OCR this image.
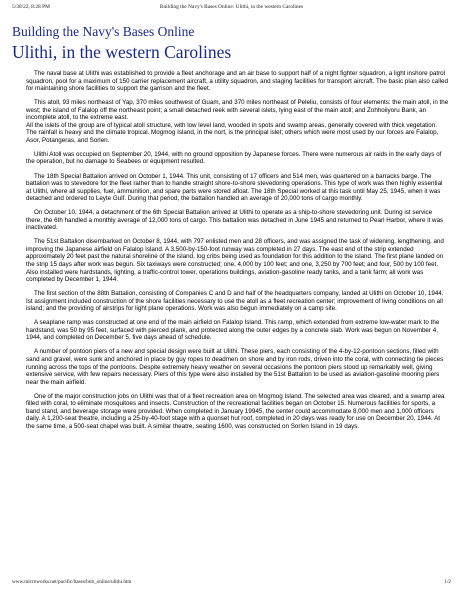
5/30/22, 8:28 PM	Building the Navy's Bases Online: Ulithi, in the western Carolines
Building the Navy's Bases Online
Ulithi, in the western Carolines

The naval base at Ulithi was established to provide a fleet anchorage and an air base to support half of a night fighter squadron, a light inshore patrol squadron, pool for a maximum of 150 carrier replacement aircraft, a utility squadron, and staging facilities for transport aircraft. The basic plan also called for maintaining shore facilities to support the garrison and the fleet.

This atoll, 93 miles northeast of Yap, 370 miles southwest of Guam, and 370 miles northeast of Peleliu, consists of four elements: the main atoll, in the west; the island of Falalop off the northeast point; a small detached reek with several islets, lying east of the main atoll; and Zohhoiiyoru Bank, an incomplete atoll, to the extreme east.
All the islets of the group are of typical atoll structure, with low level land, wooded in spots and swamp areas, generally covered with thick vegetation. The rainfall is heavy and the climate tropical. Mogmog Island, in the nort, is the principal islet; others which were most used by our forces are Falalop, Asor, Potangeras, and Sorlen.

Ulithi Atoll was occupied on September 20, 1944, with no ground opposition by Japanese forces. There were numerous air raids in the early days of the operation, but no damage to Seabees or equipment resulted.

The 18th Special Battalion arrived on October 1, 1944. This unit, consisting of 17 officers and 514 men, was quartered on a barracks barge. The battalion was to stevedore for the fleet rather than to handle straight shore-to-shore stevedoring operations. This type of work was then highly essential at Ulithi, where all supplies, fuel, ammunition, and spare parts were stored afloat. The 18th Special worked at this task until May 25, 1945, when it was detached and ordered to Leyte Gulf. During that period, the battalion handled an average of 20,000 tons of cargo monthly.

On October 10, 1944, a detachment of the 6th Special Battalion arrived at Ulithi to operate as a ship-to-shore stevedoring unit. During ist service there, the 6th handled a monthly average of 12,000 tons of cargo. This battalion was detached in June 1945 and returned to Pearl Harbor, where it was inactivated.

The 51st Battalion disembarked on October 8, 1944, with 797 enlisted men and 28 officers, and was assigned the task of widening, lengthening, and improving the Japanese airfield on Falalop Island. A 3,500-by-150-foot runway was completed in 27 days. The east end of the strip extended approximately 20 feet past the natural shoreline of the island, log cribs being used as foundation for this addition to the island. The first plane landed on the strip 15 days after work was begun. Six taxiways were constructed; one, 4,000 by 100 feet; and one, 3,250 by 700 feet; and four, 500 by 100 feet. Also installed were hardstands, lighting, a traffic-control tower, operations buildings, aviation-gasoline ready tanks, and a tank farm; all work was completed by December 1, 1944.

The first section of the 88th Battalion, consisting of Companies C and D and half of the headquarters company, landed at Ulithi on October 10, 1944. Ist assignment included construction of the shore facilities necessary to use the atoll as a fleet recreation center; improvement of living conditions on all island; and the providing of airstrips for light plane operations. Work was also begun immediately on a camp site.

A seaplane ramp was constructed at one end of the main airfield on Falalop Island. This ramp, which extended from extreme low-water mark to the hardstand, was 50 by 95 feet, surfaced with pierced plank, and protected along the outer edges by a concrete slab. Work was begun on November 4, 1944, and completed on December 5, five days ahead of schedule.

A number of pontoon piers of a new and special design were built at Ulithi. These piers, each consisting of the 4-by-12-pontoon sections, filled with sand and gravel, were sunk and anchored in place by guy ropes to deadmen on shore and by iron rods, driven into the coral, with connecting tie pieces running across the tops of the pontoons. Despite extremely heavy weather on several occasions the pontoon piers stood up remarkably well, giving extensive service, with few repairs necessary. Piers of this type were also installed by the 51st Battalion to be used as aviation-gasoline mooring piers near the main airfield.

One of the major construction jobs on Ulithi was that of a fleet recreation area on Mogmog Island. The selected area was cleared, and a swamp area filled with coral, to eliminate mosquitoes and insects. Construction of the recreational facilities began on October 15. Numerous facilities for sports, a band stand, and beverage storage were provided. When completed in January 19945, the center could accommodate 8,000 men and 1,000 officers daily. A 1,200-seat theatre, including a 25-by-40-foot stage with a quonset hut roof, completed in 20 days was ready for use on December 20, 1944. At the same time, a 500-seat chapel was built. A similar theatre, seating 1600, was constructed on Sorlen Island in 19 days.

www.microworks.net/pacific/bases/bnb_online/ulithi.htm	1/2
